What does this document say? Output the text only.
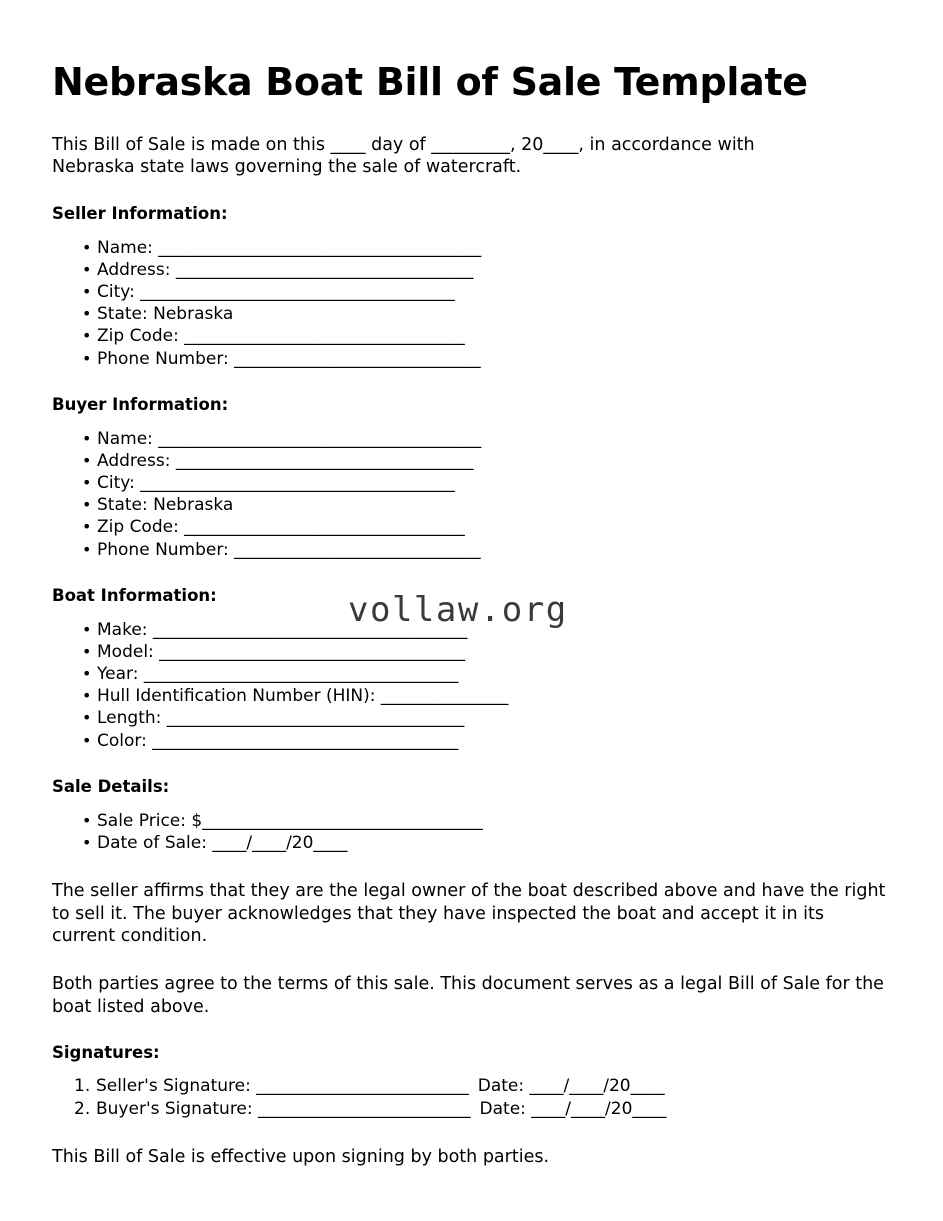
vollaw.org
Nebraska Boat Bill of Sale Template

This Bill of Sale is made on this ____ day of _________, 20____, in accordance with Nebraska state laws governing the sale of watercraft.

Seller Information:
• Name: ______________________________________
• Address: ___________________________________
• City: _____________________________________
• State: Nebraska
• Zip Code: _________________________________
• Phone Number: _____________________________
Buyer Information:
• Name: ______________________________________
• Address: ___________________________________
• City: _____________________________________
• State: Nebraska
• Zip Code: _________________________________
• Phone Number: _____________________________
Boat Information:
• Make: _____________________________________
• Model: ____________________________________
• Year: _____________________________________
• Hull Identification Number (HIN): _______________
• Length: ___________________________________
• Color: ____________________________________
Sale Details:
• Sale Price: $_________________________________
• Date of Sale: ____/____/20____

The seller affirms that they are the legal owner of the boat described above and have the right to sell it. The buyer acknowledges that they have inspected the boat and accept it in its current condition.

Both parties agree to the terms of this sale. This document serves as a legal Bill of Sale for the boat listed above.

Signatures:
Seller's Signature: _________________________ Date: ____/____/20____
Buyer's Signature: _________________________ Date: ____/____/20____

This Bill of Sale is effective upon signing by both parties.
